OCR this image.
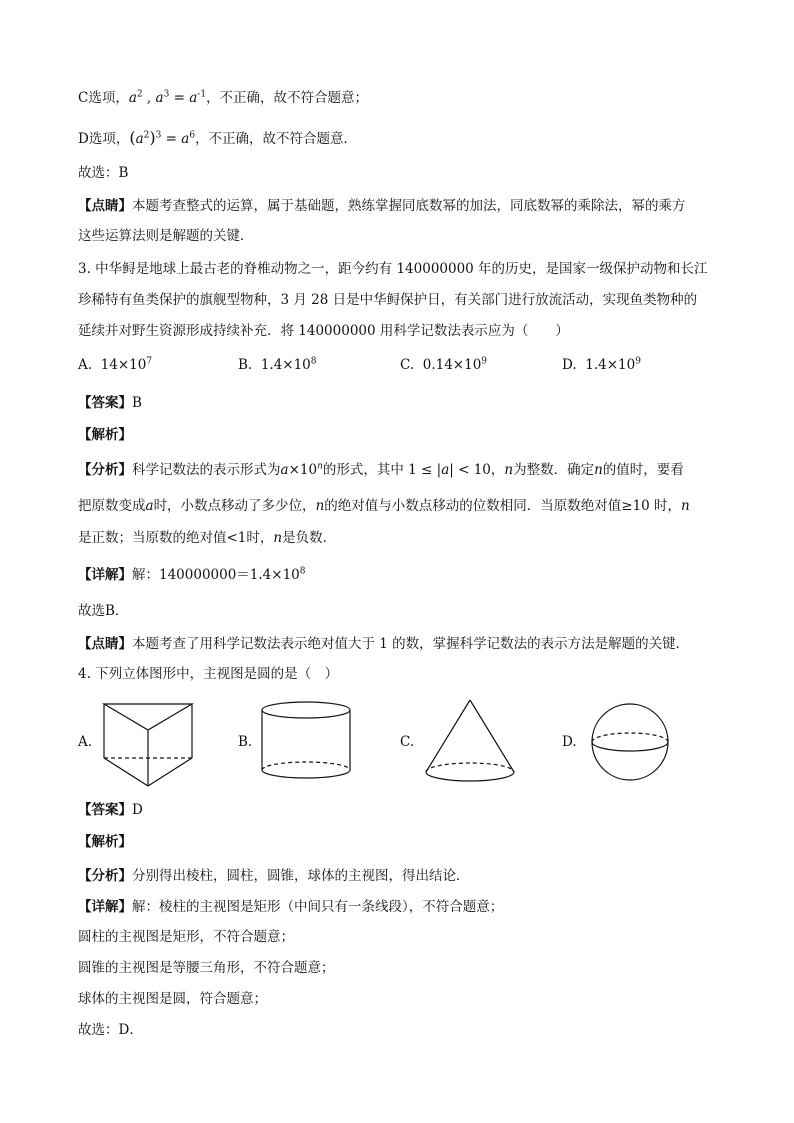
C选项，$a^2$ , $a^3 = a^{-1}$，不正确，故不符合题意；
D选项，$(a^2)^3 = a^6$，不正确，故不符合题意．
故选：B
【点睛】本题考查整式的运算，属于基础题，熟练掌握同底数幂的加法，同底数幂的乘除法，幂的乘方
这些运算法则是解题的关键．
3. 中华鲟是地球上最古老的脊椎动物之一，距今约有 140000000 年的历史，是国家一级保护动物和长江
珍稀特有鱼类保护的旗舰型物种，3 月 28 日是中华鲟保护日，有关部门进行放流活动，实现鱼类物种的
延续并对野生资源形成持续补充．将 140000000 用科学记数法表示应为（　　）
A. $14\times 10^7$	B. $1.4\times 10^8$	C. $0.14\times 10^9$	D. $1.4\times 10^9$
【答案】B
【解析】
【分析】科学记数法的表示形式为$a\times 10^n$的形式，其中 1 ≤ |a| < 10，n为整数．确定n的值时，要看
把原数变成a时，小数点移动了多少位，n的绝对值与小数点移动的位数相同．当原数绝对值≥10 时，n
是正数；当原数的绝对值<1时，n是负数．
【详解】解：$140000000=1.4\times 10^8$
故选B．
【点睛】本题考查了用科学记数法表示绝对值大于 1 的数，掌握科学记数法的表示方法是解题的关键．
4. 下列立体图形中，主视图是圆的是（　）
A.	B.	C.	D.
【答案】D
【解析】
【分析】分别得出棱柱，圆柱，圆锥，球体的主视图，得出结论．
【详解】解：棱柱的主视图是矩形（中间只有一条线段），不符合题意；
圆柱的主视图是矩形，不符合题意；
圆锥的主视图是等腰三角形，不符合题意；
球体的主视图是圆，符合题意；
故选：D．
